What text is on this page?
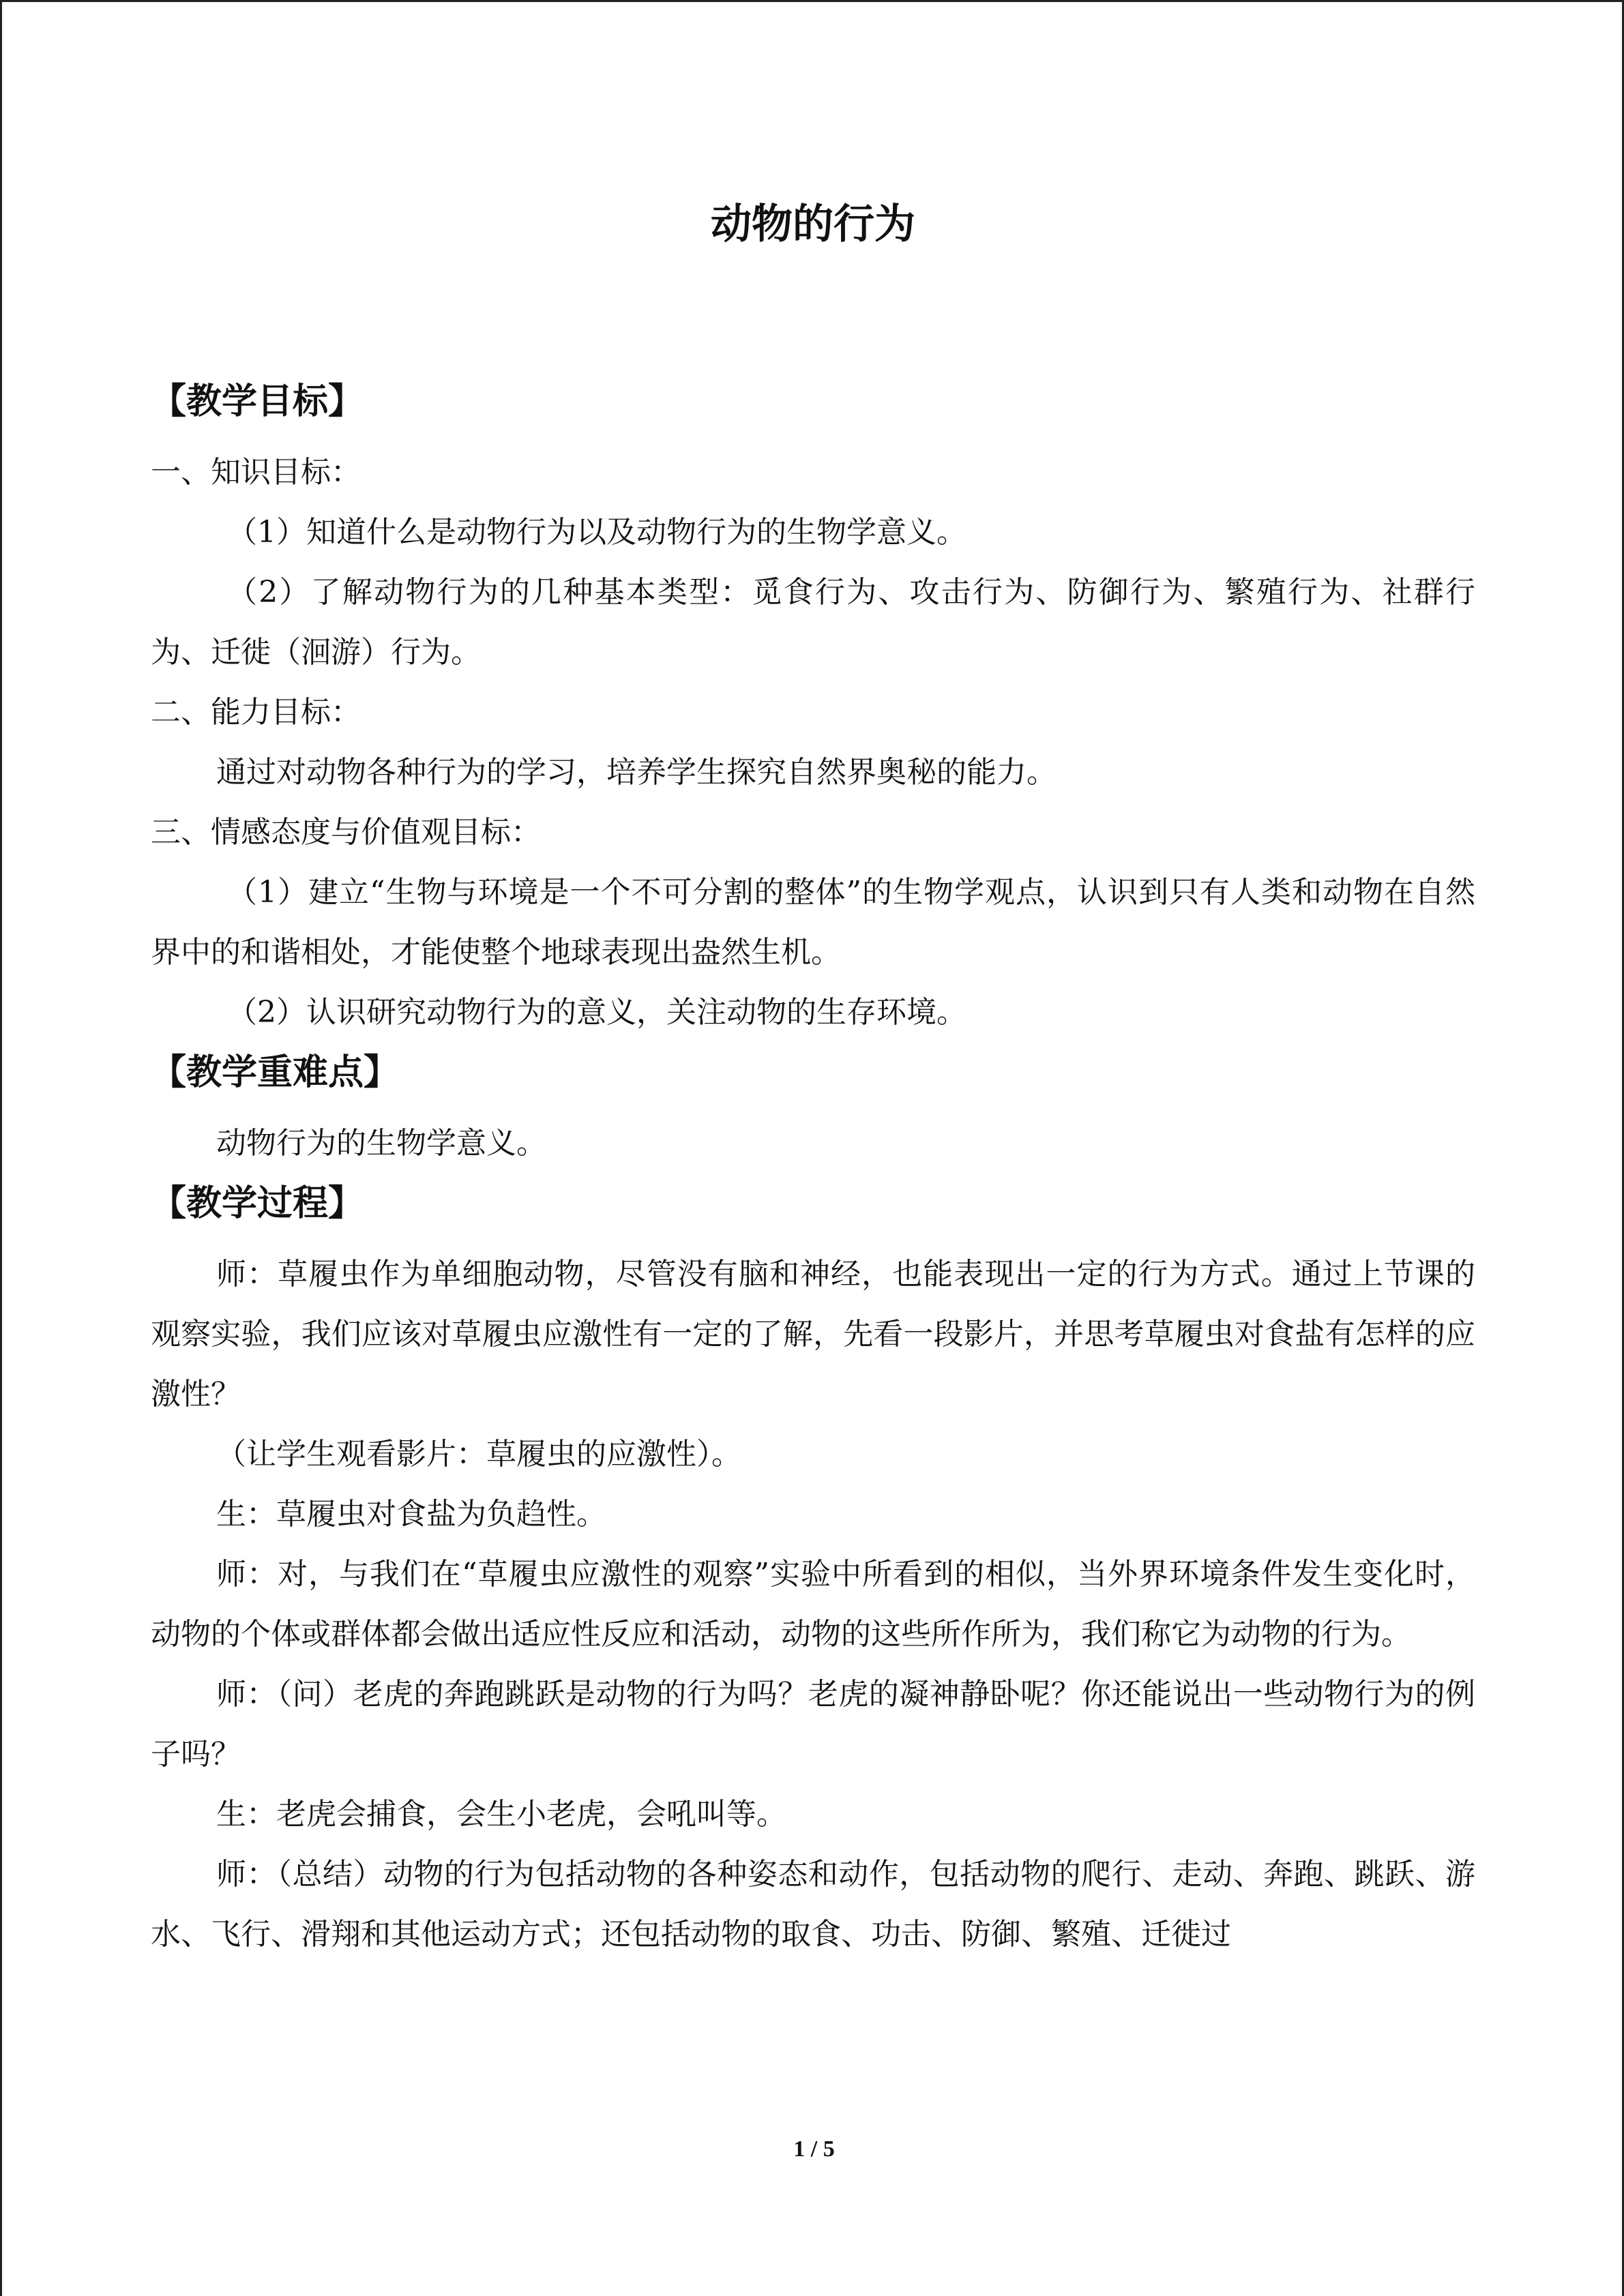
动物的行为
【教学目标】

一、知识目标：

（1）知道什么是动物行为以及动物行为的生物学意义。

（2）了解动物行为的几种基本类型：觅食行为、攻击行为、防御行为、繁殖行为、社群行为、迁徙（洄游）行为。

二、能力目标：

通过对动物各种行为的学习，培养学生探究自然界奥秘的能力。

三、情感态度与价值观目标：

（1）建立“生物与环境是一个不可分割的整体”的生物学观点，认识到只有人类和动物在自然界中的和谐相处，才能使整个地球表现出盎然生机。

（2）认识研究动物行为的意义，关注动物的生存环境。

【教学重难点】

动物行为的生物学意义。

【教学过程】

师：草履虫作为单细胞动物，尽管没有脑和神经，也能表现出一定的行为方式。通过上节课的观察实验，我们应该对草履虫应激性有一定的了解，先看一段影片，并思考草履虫对食盐有怎样的应激性？

（让学生观看影片：草履虫的应激性）。

生：草履虫对食盐为负趋性。

师：对，与我们在“草履虫应激性的观察”实验中所看到的相似，当外界环境条件发生变化时，动物的个体或群体都会做出适应性反应和活动，动物的这些所作所为，我们称它为动物的行为。

师：（问）老虎的奔跑跳跃是动物的行为吗？老虎的凝神静卧呢？你还能说出一些动物行为的例子吗？

生：老虎会捕食，会生小老虎，会吼叫等。

师：（总结）动物的行为包括动物的各种姿态和动作，包括动物的爬行、走动、奔跑、跳跃、游水、飞行、滑翔和其他运动方式；还包括动物的取食、功击、防御、繁殖、迁徙过

1 / 5
